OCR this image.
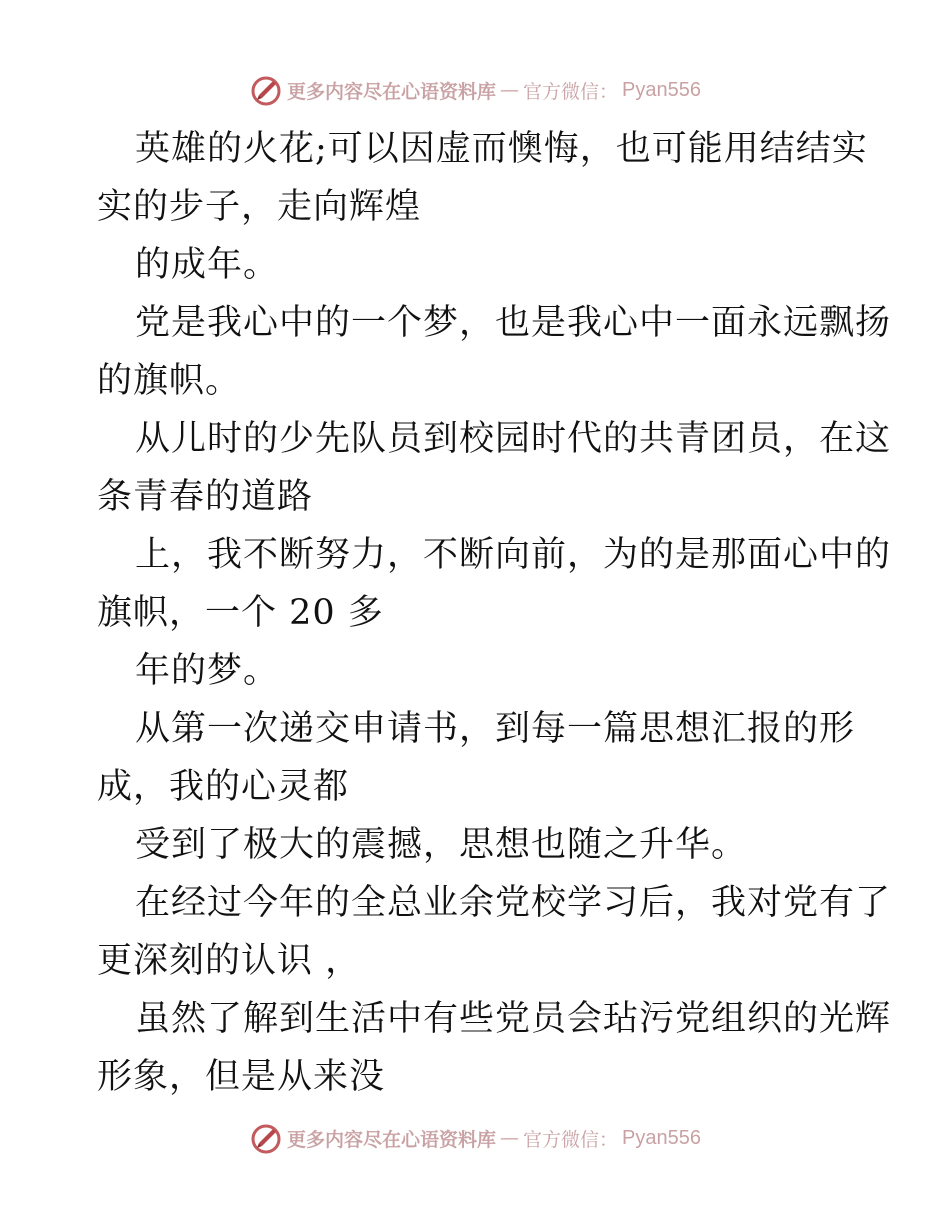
更多内容尽在心语资料库 — 官方微信： Pyan556
英雄的火花;可以因虚而懊悔，也可能用结结实
实的步子，走向辉煌
的成年。
党是我心中的一个梦，也是我心中一面永远飘扬
的旗帜。
从儿时的少先队员到校园时代的共青团员，在这
条青春的道路
上，我不断努力，不断向前，为的是那面心中的
旗帜，一个 20 多
年的梦。
从第一次递交申请书，到每一篇思想汇报的形
成，我的心灵都
受到了极大的震撼，思想也随之升华。
在经过今年的全总业余党校学习后，我对党有了
更深刻的认识 ，
虽然了解到生活中有些党员会玷污党组织的光辉
形象，但是从来没
更多内容尽在心语资料库 — 官方微信： Pyan556
